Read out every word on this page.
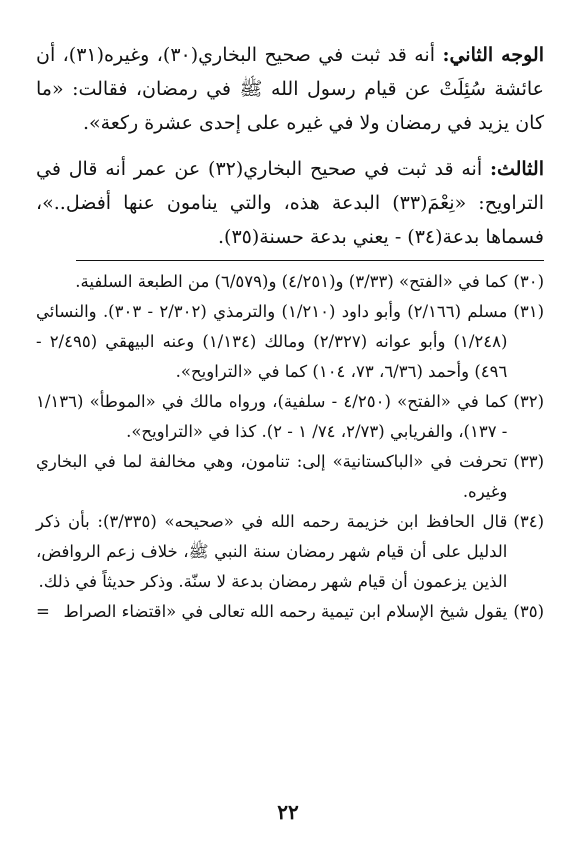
الوجه الثاني: أنه قد ثبت في صحيح البخاري(٣٠)، وغيره(٣١)، أن عائشة سُئِلَتْ عن قيام رسول الله ﷺ في رمضان، فقالت: «ما كان يزيد في رمضان ولا في غيره على إحدى عشرة ركعة».

الثالث: أنه قد ثبت في صحيح البخاري(٣٢) عن عمر أنه قال في التراويح: «نِعْمَ(٣٣) البدعة هذه، والتي ينامون عنها أفضل..»، فسماها بدعة(٣٤) - يعني بدعة حسنة(٣٥).

(٣٠)
كما في «الفتح» (٣/٣٣) و(٤/٢٥١) و(٦/٥٧٩) من الطبعة السلفية.
(٣١)
مسلم (٢/١٦٦) وأبو داود (١/٢١٠) والترمذي (٢/٣٠٢ - ٣٠٣). والنسائي (١/٢٤٨) وأبو عوانه (٢/٣٢٧) ومالك (١/١٣٤) وعنه البيهقي (٢/٤٩٥ - ٤٩٦) وأحمد (٦/٣٦، ٧٣، ١٠٤) كما في «التراويح».
(٣٢)
كما في «الفتح» (٤/٢٥٠ - سلفية)، ورواه مالك في «الموطأ» (١/١٣٦ - ١٣٧)، والفريابي (٢/٧٣، ٧٤/ ١ - ٢). كذا في «التراويح».
(٣٣)
تحرفت في «الباكستانية» إلى: تنامون، وهي مخالفة لما في البخاري وغيره.
(٣٤)
قال الحافظ ابن خزيمة رحمه الله في «صحيحه» (٣/٣٣٥): بأن ذكر الدليل على أن قيام شهر رمضان سنة النبي ﷺ، خلاف زعم الروافض، الذين يزعمون أن قيام شهر رمضان بدعة لا سنّة. وذكر حديثاً في ذلك.
(٣٥)
يقول شيخ الإسلام ابن تيمية رحمه الله تعالى في «اقتضاء الصراط
=
٢٢
